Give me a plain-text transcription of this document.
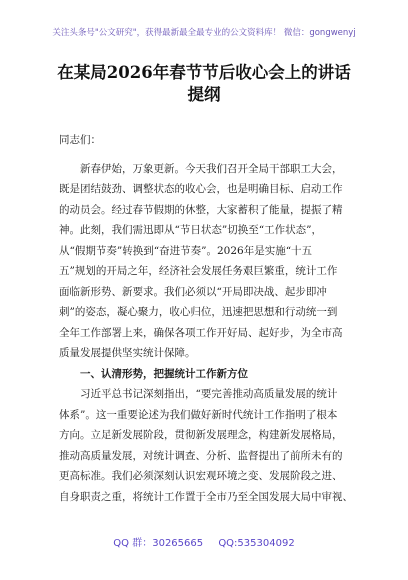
关注头条号"公文研究"，获得最新最全最专业的公文资料库！ 微信：gongwenyj
在某局2026年春节节后收心会上的讲话
提纲
同志们：
新春伊始，万象更新。今天我们召开全局干部职工大会，
既是团结鼓劲、调整状态的收心会，也是明确目标、启动工作
的动员会。经过春节假期的休整，大家蓄积了能量，提振了精
神。此刻，我们需迅即从“节日状态”切换至“工作状态”，
从“假期节奏”转换到“奋进节奏”。2026年是实施“十五
五”规划的开局之年，经济社会发展任务艰巨繁重，统计工作
面临新形势、新要求。我们必须以“开局即决战、起步即冲
刺”的姿态，凝心聚力，收心归位，迅速把思想和行动统一到
全年工作部署上来，确保各项工作开好局、起好步，为全市高
质量发展提供坚实统计保障。
一、认清形势，把握统计工作新方位
习近平总书记深刻指出，“要完善推动高质量发展的统计
体系”。这一重要论述为我们做好新时代统计工作指明了根本
方向。立足新发展阶段，贯彻新发展理念，构建新发展格局，
推动高质量发展，对统计调查、分析、监督提出了前所未有的
更高标准。我们必须深刻认识宏观环境之变、发展阶段之进、
自身职责之重，将统计工作置于全市乃至全国发展大局中审视、
QQ 群：30265665 QQ:535304092
